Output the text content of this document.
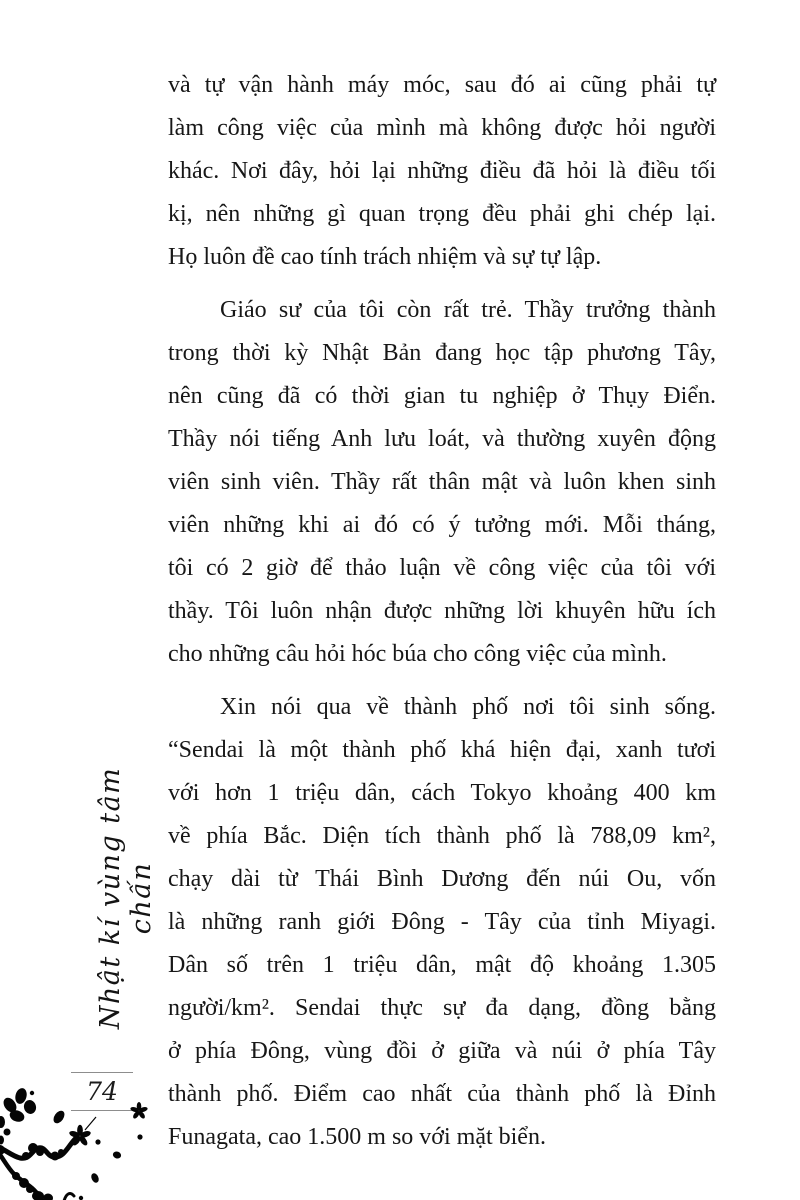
và tự vận hành máy móc, sau đó ai cũng phải tự
làm công việc của mình mà không được hỏi người
khác. Nơi đây, hỏi lại những điều đã hỏi là điều tối
kị, nên những gì quan trọng đều phải ghi chép lại.
Họ luôn đề cao tính trách nhiệm và sự tự lập.
Giáo sư của tôi còn rất trẻ. Thầy trưởng thành
trong thời kỳ Nhật Bản đang học tập phương Tây,
nên cũng đã có thời gian tu nghiệp ở Thụy Điển.
Thầy nói tiếng Anh lưu loát, và thường xuyên động
viên sinh viên. Thầy rất thân mật và luôn khen sinh
viên những khi ai đó có ý tưởng mới. Mỗi tháng,
tôi có 2 giờ để thảo luận về công việc của tôi với
thầy. Tôi luôn nhận được những lời khuyên hữu ích
cho những câu hỏi hóc búa cho công việc của mình.
Xin nói qua về thành phố nơi tôi sinh sống.
“Sendai là một thành phố khá hiện đại, xanh tươi
với hơn 1 triệu dân, cách Tokyo khoảng 400 km
về phía Bắc. Diện tích thành phố là 788,09 km²,
chạy dài từ Thái Bình Dương đến núi Ou, vốn
là những ranh giới Đông - Tây của tỉnh Miyagi.
Dân số trên 1 triệu dân, mật độ khoảng 1.305
người/km². Sendai thực sự đa dạng, đồng bằng
ở phía Đông, vùng đồi ở giữa và núi ở phía Tây
thành phố. Điểm cao nhất của thành phố là Đỉnh
Funagata, cao 1.500 m so với mặt biển.
Nhật kí vùng tâm chấn
74
